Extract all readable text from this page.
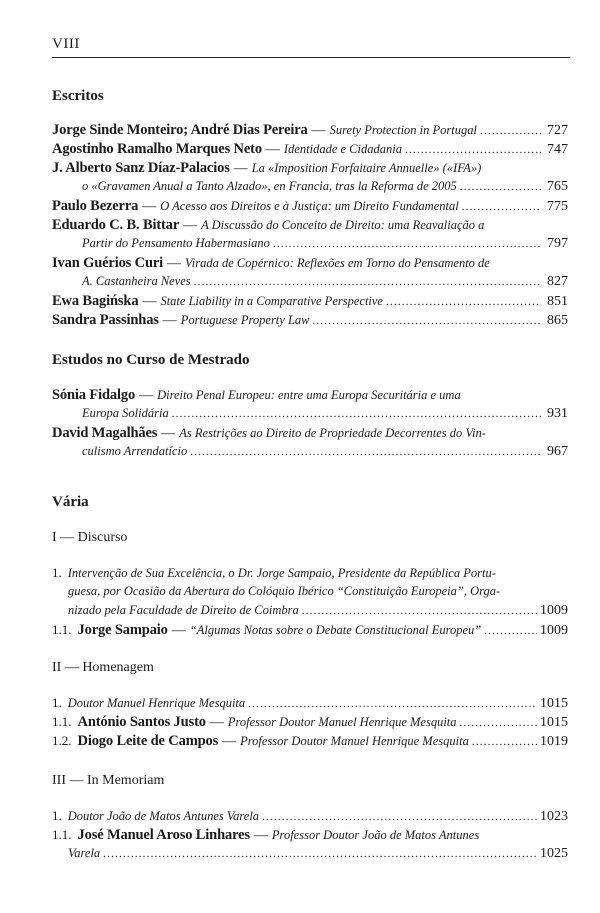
VIII
Escritos
Jorge Sinde Monteiro; André Dias Pereira — Surety Protection in Portugal .....	727
Agostinho Ramalho Marques Neto — Identidade e Cidadania .....	747
J. Alberto Sanz Díaz-Palacios — La «Imposition Forfaitaire Annuelle» («IFA»)
o «Gravamen Anual a Tanto Alzado», en Francia, tras la Reforma de 2005 .....	765
Paulo Bezerra — O Acesso aos Direitos e à Justiça: um Direito Fundamental .....	775
Eduardo C. B. Bittar — A Discussão do Conceito de Direito: uma Reavaliação a
Partir do Pensamento Habermasiano .....	797
Ivan Guérios Curi — Virada de Copérnico: Reflexões em Torno do Pensamento de
A. Castanheira Neves .....	827
Ewa Bagińska — State Liability in a Comparative Perspective .....	851
Sandra Passinhas — Portuguese Property Law .....	865
Estudos no Curso de Mestrado
Sónia Fidalgo — Direito Penal Europeu: entre uma Europa Securitária e uma
Europa Solidária .....	931
David Magalhães — As Restrições ao Direito de Propriedade Decorrentes do Vin-
culismo Arrendatício .....	967
Vária
I — Discurso
1. Intervenção de Sua Excelência, o Dr. Jorge Sampaio, Presidente da República Portu-
guesa, por Ocasião da Abertura do Colóquio Ibérico “Constituição Europeia”, Orga-
nizado pela Faculdade de Direito de Coimbra .....	1009
1.1. Jorge Sampaio — “Algumas Notas sobre o Debate Constitucional Europeu” .....	1009
II — Homenagem
1. Doutor Manuel Henrique Mesquita .....	1015
1.1. António Santos Justo — Professor Doutor Manuel Henrique Mesquita .....	1015
1.2. Diogo Leite de Campos — Professor Doutor Manuel Henrique Mesquita .....	1019
III — In Memoriam
1. Doutor João de Matos Antunes Varela .....	1023
1.1. José Manuel Aroso Linhares — Professor Doutor João de Matos Antunes
Varela .....	1025
